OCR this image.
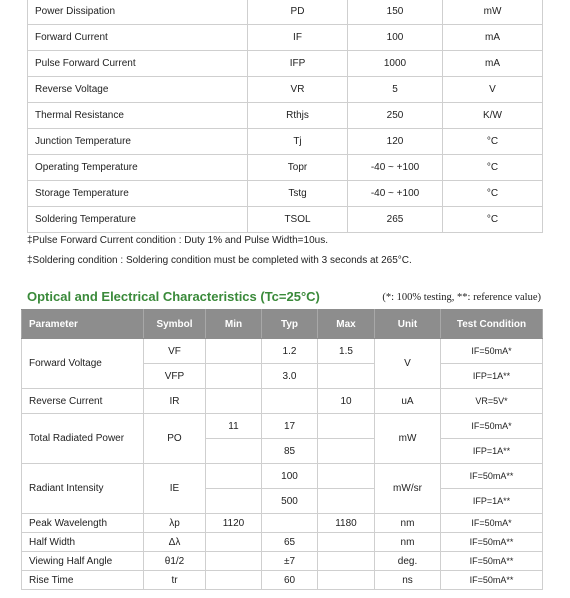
Power Dissipation	PD	150	mW
Forward Current	IF	100	mA
Pulse Forward Current	IFP	1000	mA
Reverse Voltage	VR	5	V
Thermal Resistance	Rthjs	250	K/W
Junction Temperature	Tj	120	°C
Operating Temperature	Topr	-40 ~ +100	°C
Storage Temperature	Tstg	-40 ~ +100	°C
Soldering Temperature	TSOL	265	°C
‡Pulse Forward Current condition : Duty 1% and Pulse Width=10us.
‡Soldering condition : Soldering condition must be completed with 3 seconds at 265°C.
Optical and Electrical Characteristics (Tc=25°C)	(*: 100% testing, **: reference value)
Parameter	Symbol	Min	Typ	Max	Unit	Test Condition
Forward Voltage	VF		1.2	1.5	V	IF=50mA*
	VFP		3.0			IFP=1A**
Reverse Current	IR			10	uA	VR=5V*
Total Radiated Power	PO	11	17		mW	IF=50mA*
			85			IFP=1A**
Radiant Intensity	IE		100		mW/sr	IF=50mA**
			500			IFP=1A**
Peak Wavelength	λp	1120		1180	nm	IF=50mA*
Half Width	Δλ		65		nm	IF=50mA**
Viewing Half Angle	θ1/2		±7		deg.	IF=50mA**
Rise Time	tr		60		ns	IF=50mA**
